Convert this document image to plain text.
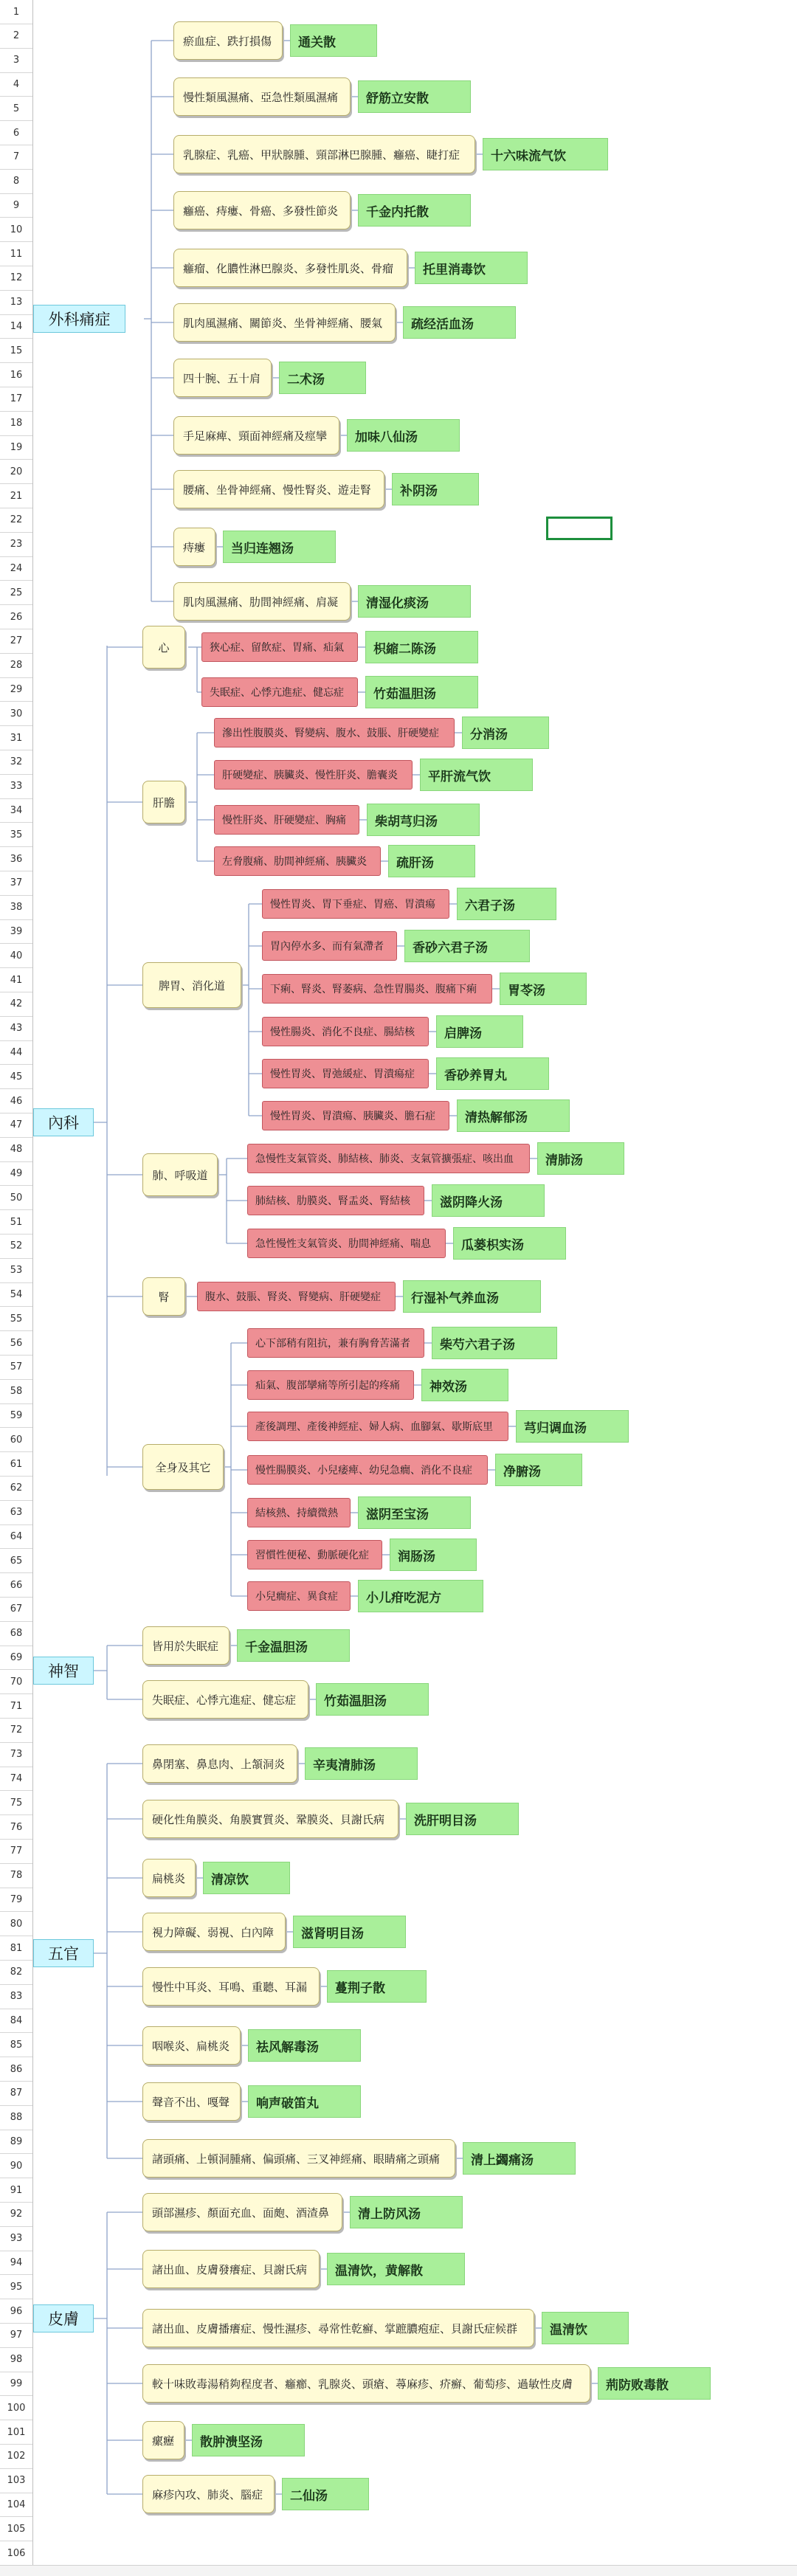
1
2
3
4
5
6
7
8
9
10
11
12
13
14
15
16
17
18
19
20
21
22
23
24
25
26
27
28
29
30
31
32
33
34
35
36
37
38
39
40
41
42
43
44
45
46
47
48
49
50
51
52
53
54
55
56
57
58
59
60
61
62
63
64
65
66
67
68
69
70
71
72
73
74
75
76
77
78
79
80
81
82
83
84
85
86
87
88
89
90
91
92
93
94
95
96
97
98
99
100
101
102
103
104
105
106
外科痛症
內科
神智
五官
皮膚
瘀血症、跌打損傷	通关散
慢性類風濕痛、亞急性類風濕痛	舒筋立安散
乳腺症、乳癌、甲狀腺腫、頸部淋巴腺腫、癰癌、睫打症	十六味流气饮
癰癌、痔瘻、骨癌、多發性節炎	千金内托散
癰瘤、化膿性淋巴腺炎、多發性肌炎、骨瘤	托里消毒饮
肌肉風濕痛、關節炎、坐骨神經痛、腰氣	疏经活血汤
四十腕、五十肩	二术汤
手足麻痺、頸面神經痛及痙攣	加味八仙汤
腰痛、坐骨神經痛、慢性腎炎、遊走腎	补阴汤
痔瘻	当归连翘汤
肌肉風濕痛、肋間神經痛、肩凝	清湿化痰汤
心
肝膽
脾胃、消化道
肺、呼吸道
腎
全身及其它
狹心症、留飲症、胃痛、疝氣	枳縮二陈汤
失眠症、心悸亢進症、健忘症	竹茹温胆汤
滲出性腹膜炎、腎變病、腹水、鼓脹、肝硬變症	分消汤
肝硬變症、胰臟炎、慢性肝炎、膽囊炎	平肝流气饮
慢性肝炎、肝硬變症、胸痛	柴胡芎归汤
左脅腹痛、肋間神經痛、胰臟炎	疏肝汤
慢性胃炎、胃下垂症、胃癌、胃潰瘍	六君子汤
胃內停水多、而有氣滯者	香砂六君子汤
下痢、腎炎、腎萎病、急性胃腸炎、腹痛下痢	胃苓汤
慢性腸炎、消化不良症、腸結核	启脾汤
慢性胃炎、胃弛緩症、胃潰瘍症	香砂养胃丸
慢性胃炎、胃潰瘍、胰臟炎、膽石症	清热解郁汤
急慢性支氣管炎、肺結核、肺炎、支氣管擴張症、咳出血	清肺汤
肺結核、肋膜炎、腎盂炎、腎結核	滋阴降火汤
急性慢性支氣管炎、肋間神經痛、喘息	瓜蒌枳实汤
腹水、鼓脹、腎炎、腎變病、肝硬變症	行湿补气养血汤
心下部稍有阻抗，兼有胸脅苦滿者	柴芍六君子汤
疝氣、腹部攣痛等所引起的疼痛	神效汤
產後調理、產後神經症、婦人病、血腳氣、歇斯底里	芎归调血汤
慢性腸膜炎、小兒痿痺、幼兒急癇、消化不良症	净腑汤
結核熱、持續微熱	滋阴至宝汤
習慣性便秘、動脈硬化症	润肠汤
小兒癇症、異食症	小儿疳吃泥方
皆用於失眠症	千金温胆汤
失眠症、心悸亢進症、健忘症	竹茹温胆汤
鼻閉塞、鼻息肉、上頷洞炎	辛夷清肺汤
硬化性角膜炎、角膜實質炎、鞏膜炎、貝謝氏病	洗肝明目汤
扁桃炎	清凉饮
視力障礙、弱視、白內障	滋肾明目汤
慢性中耳炎、耳鳴、重聽、耳漏	蔓荆子散
咽喉炎、扁桃炎	祛风解毒汤
聲音不出、嘎聲	响声破笛丸
諸頭痛、上頓洞腫痛、偏頭痛、三叉神經痛、眼睛痛之頭痛	清上蠲痛汤
頭部濕疹、顏面充血、面皰、酒渣鼻	清上防风汤
諸出血、皮膚發癢症、貝謝氏病	温清饮，黄解散
諸出血、皮膚播癢症、慢性濕疹、尋常性乾癬、掌蹠膿疱症、貝謝氏症候群	温清饮
較十味敗毒湯稍夠程度者、癰癤、乳腺炎、頭瘡、蕁麻疹、疥癬、葡萄疹、過敏性皮膚	荊防败毒散
瘰癧	散肿溃坚汤
麻疹內攻、肺炎、腦症	二仙汤
